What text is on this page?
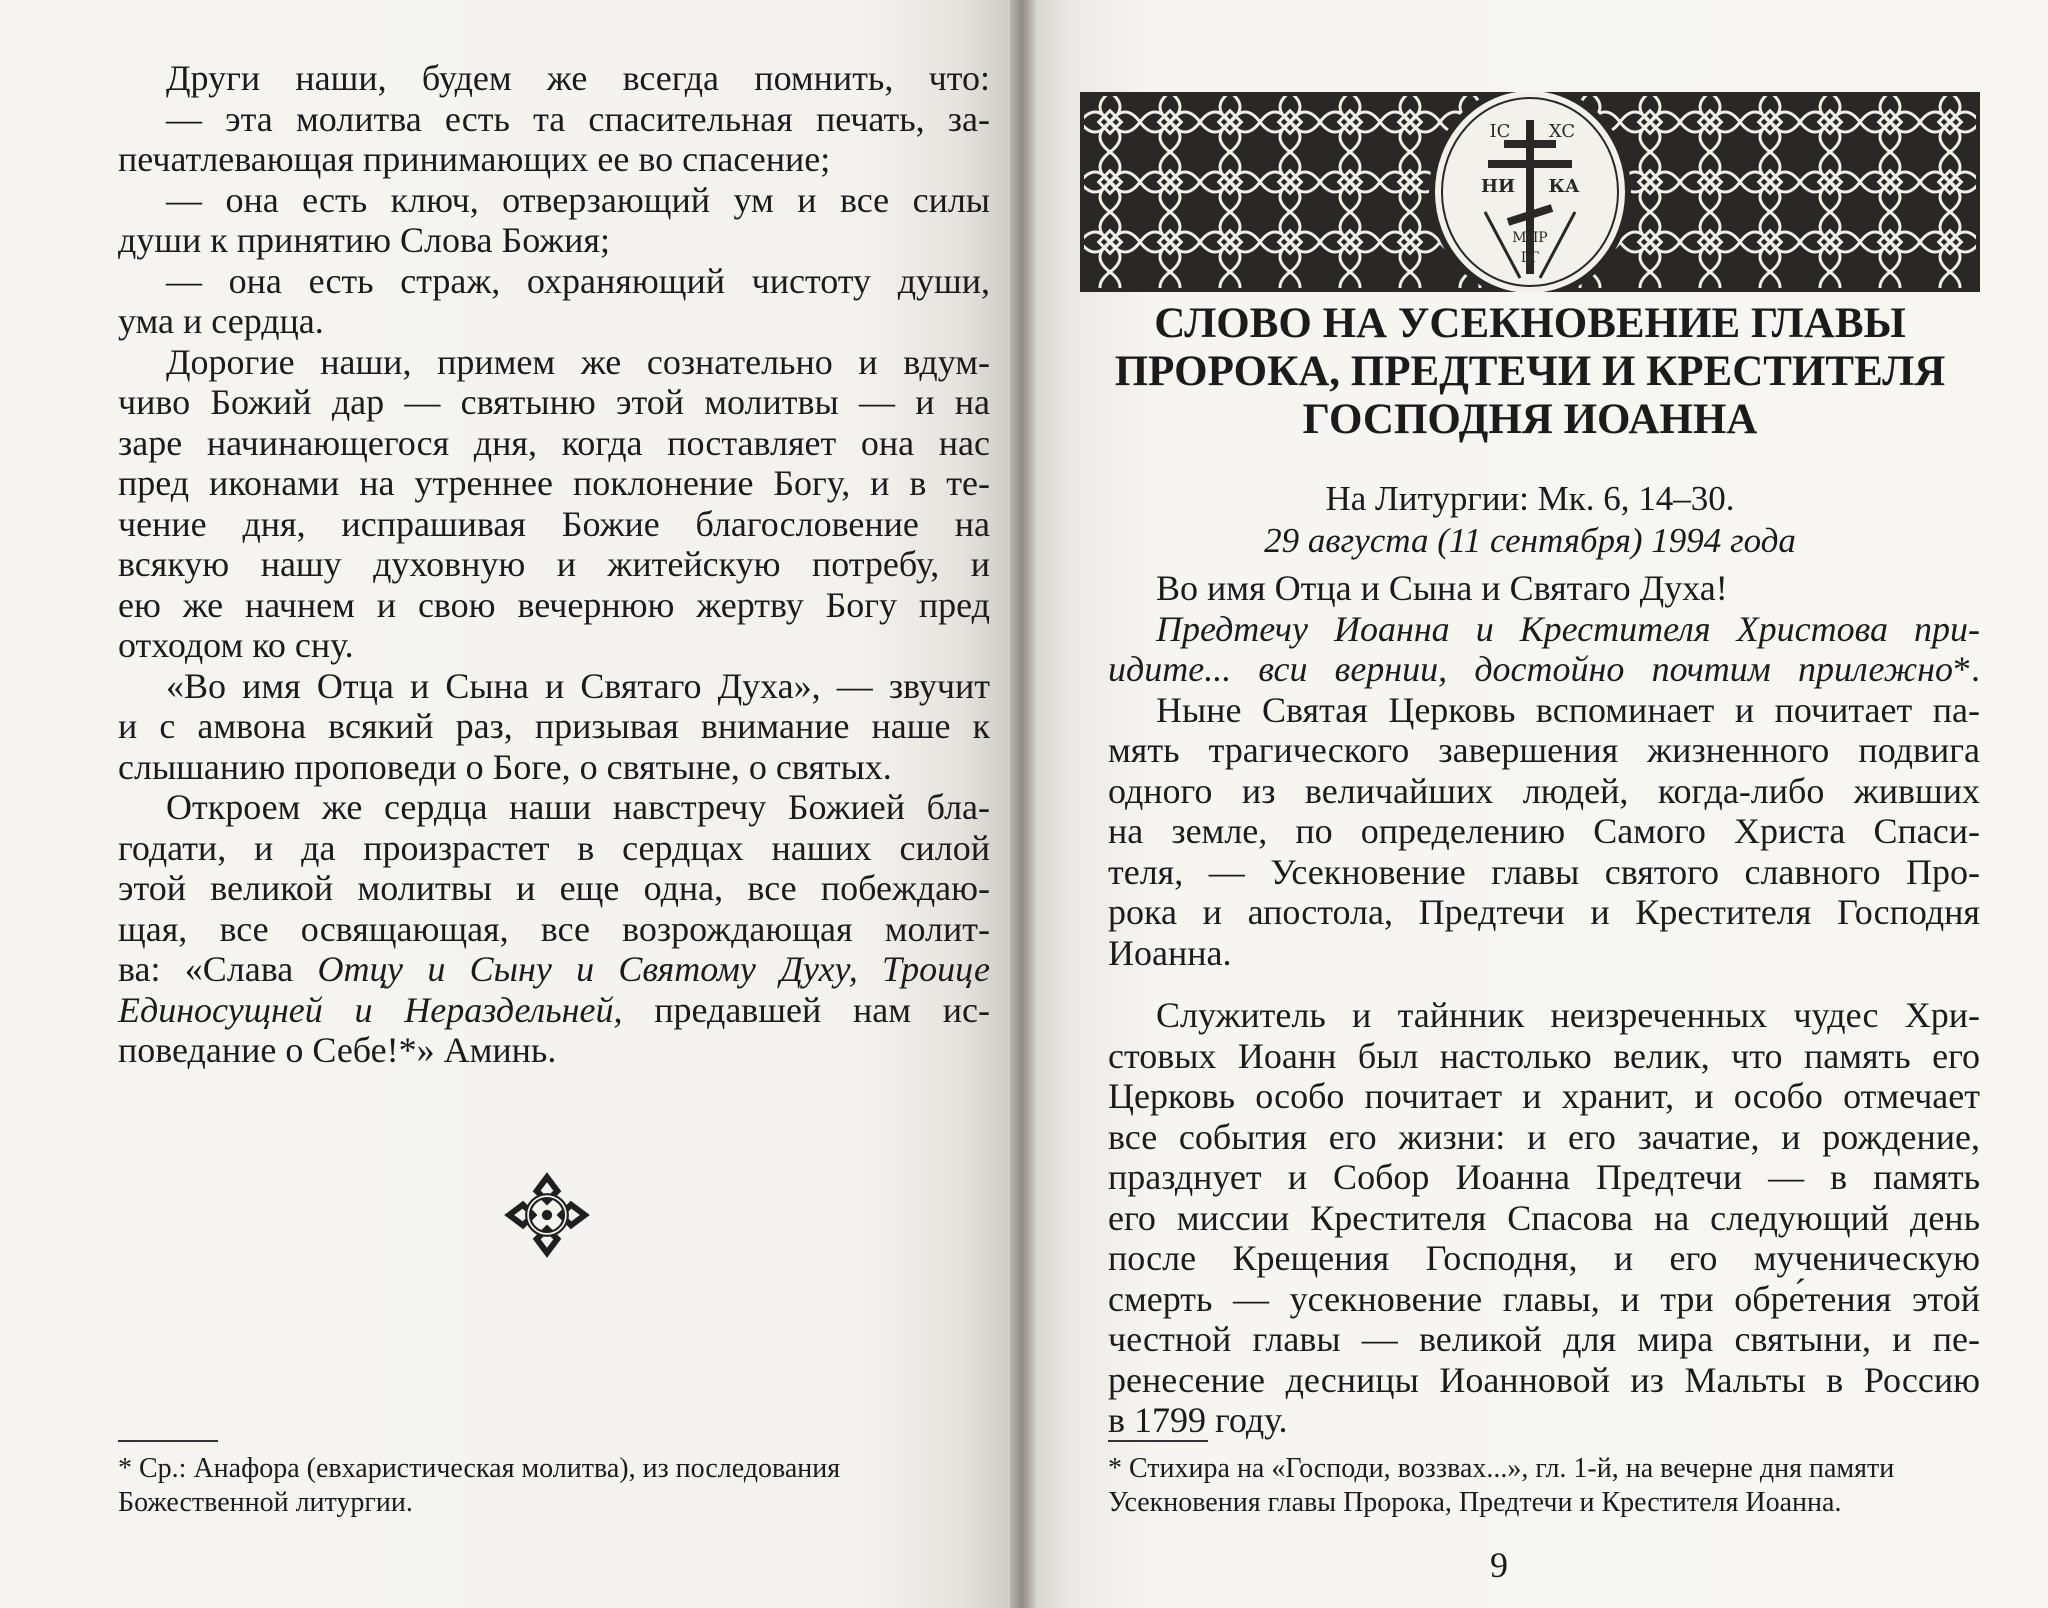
Други наши, будем же всегда помнить, что:
— эта молитва есть та спасительная печать, за-
печатлевающая принимающих ее во спасение;
— она есть ключ, отверзающий ум и все силы
души к принятию Слова Божия;
— она есть страж, охраняющий чистоту души,
ума и сердца.
Дорогие наши, примем же сознательно и вдум-
чиво Божий дар — святыню этой молитвы — и на
заре начинающегося дня, когда поставляет она нас
пред иконами на утреннее поклонение Богу, и в те-
чение дня, испрашивая Божие благословение на
всякую нашу духовную и житейскую потребу, и
ею же начнем и свою вечернюю жертву Богу пред
отходом ко сну.
«Во имя Отца и Сына и Святаго Духа», — звучит
и с амвона всякий раз, призывая внимание наше к
слышанию проповеди о Боге, о святыне, о святых.
Откроем же сердца наши навстречу Божией бла-
годати, и да произрастет в сердцах наших силой
этой великой молитвы и еще одна, все побеждаю-
щая, все освящающая, все возрождающая молит-
ва: «Слава Отцу и Сыну и Святому Духу, Троице
Единосущней и Нераздельней, предавшей нам ис-
поведание о Себе!*» Аминь.
* Ср.: Анафора (евхаристическая молитва), из последования Божественной литургии.
IC XC
НИ КА
МЛР
ГГ
СЛОВО НА УСЕКНОВЕНИЕ ГЛАВЫ
ПРОРОКА, ПРЕДТЕЧИ И КРЕСТИТЕЛЯ
ГОСПОДНЯ ИОАННА
На Литургии: Мк. 6, 14–30.
29 августа (11 сентября) 1994 года
Во имя Отца и Сына и Святаго Духа!
Предтечу Иоанна и Крестителя Христова при-
идите... вси вернии, достойно почтим прилежно*.
Ныне Святая Церковь вспоминает и почитает па-
мять трагического завершения жизненного подвига
одного из величайших людей, когда-либо живших
на земле, по определению Самого Христа Спаси-
теля, — Усекновение главы святого славного Про-
рока и апостола, Предтечи и Крестителя Господня
Иоанна.
Служитель и тайнник неизреченных чудес Хри-
стовых Иоанн был настолько велик, что память его
Церковь особо почитает и хранит, и особо отмечает
все события его жизни: и его зачатие, и рождение,
празднует и Собор Иоанна Предтечи — в память
его миссии Крестителя Спасова на следующий день
после Крещения Господня, и его мученическую
смерть — усекновение главы, и три обре́тения этой
честной главы — великой для мира святыни, и пе-
ренесение десницы Иоанновой из Мальты в Россию
в 1799 году.
* Стихира на «Господи, воззвах...», гл. 1-й, на вечерне дня памяти Усекновения главы Пророка, Предтечи и Крестителя Иоанна.
9
